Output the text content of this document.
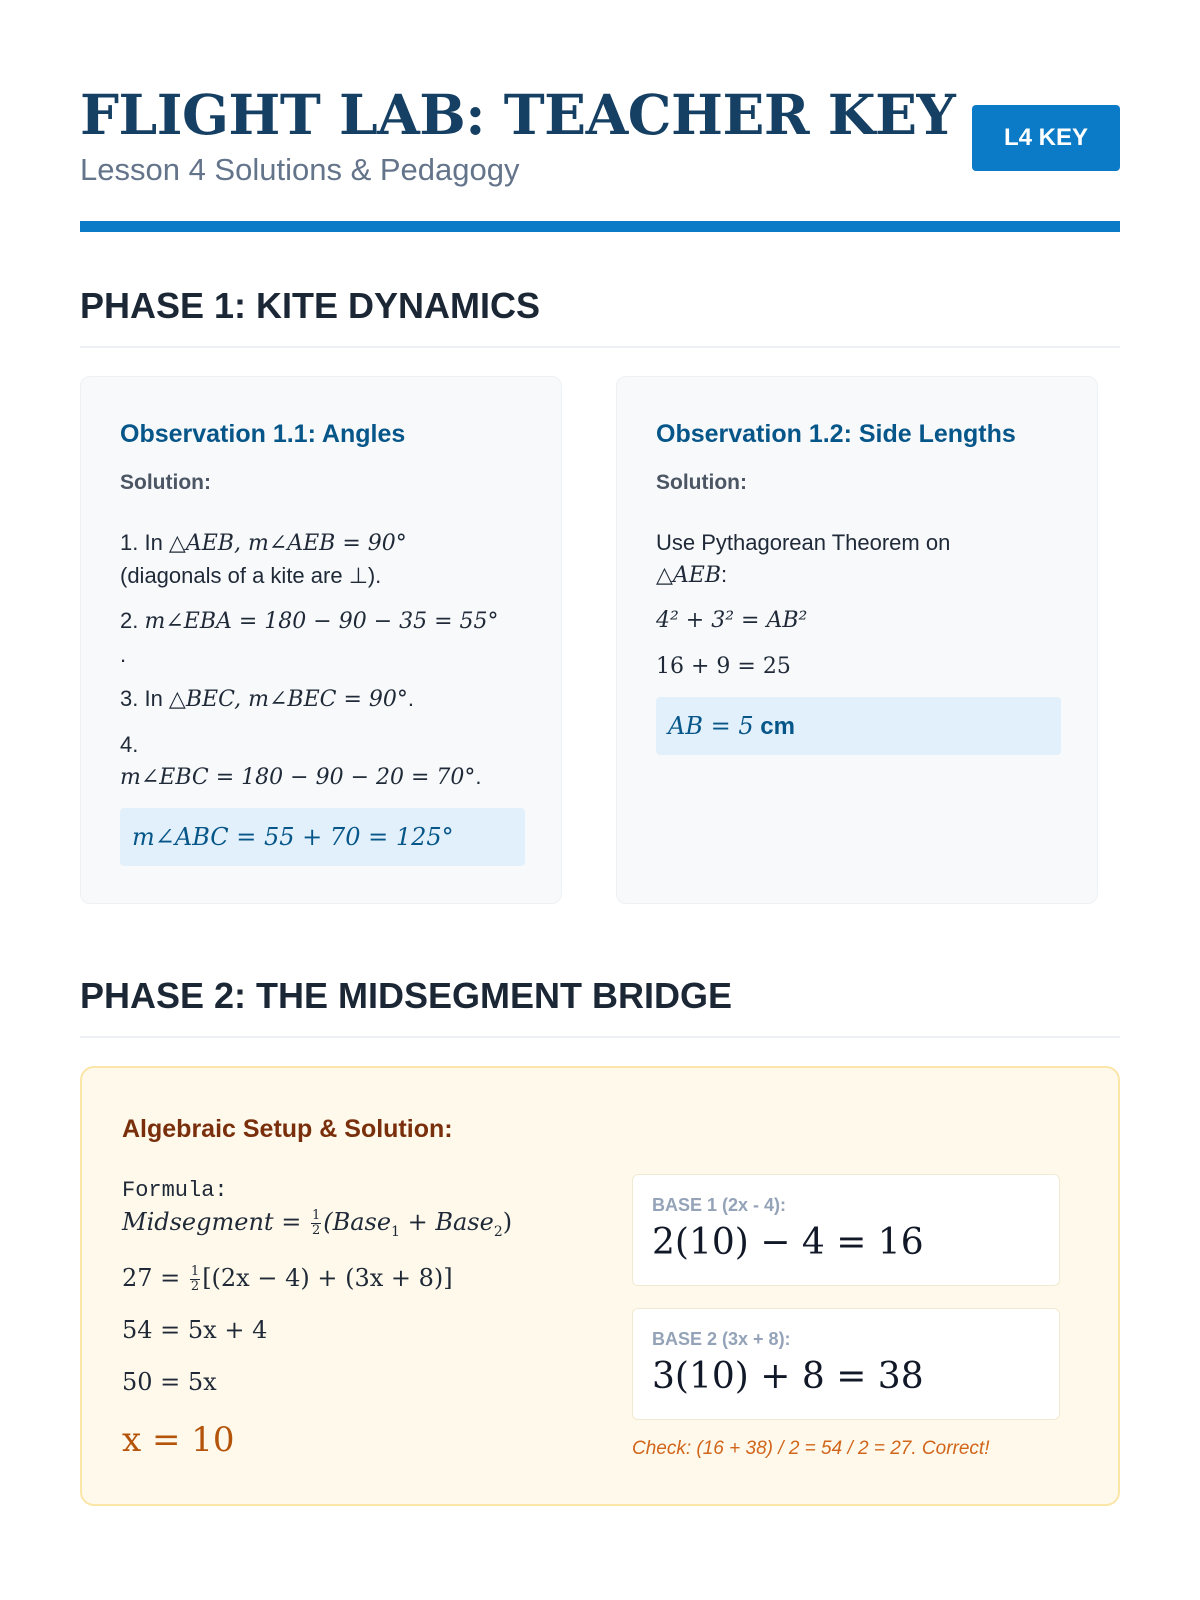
FLIGHT LAB: TEACHER KEY
Lesson 4 Solutions & Pedagogy
L4 KEY
PHASE 1: KITE DYNAMICS
Observation 1.1: Angles
Solution:
1. In △AEB, m∠AEB = 90°
(diagonals of a kite are ⊥).
2. m∠EBA = 180 − 90 − 35 = 55°
.
3. In △BEC, m∠BEC = 90°.
4.
m∠EBC = 180 − 90 − 20 = 70°.
m∠ABC = 55 + 70 = 125°
Observation 1.2: Side Lengths
Solution:
Use Pythagorean Theorem on
△AEB:
4² + 3² = AB²
16 + 9 = 25
AB = 5 cm
PHASE 2: THE MIDSEGMENT BRIDGE
Algebraic Setup & Solution:
Formula:
Midsegment = $\frac{1}{2}$ (Base$_1$ + Base$_2$)
$27 = \frac{1}{2} [(2x - 4) + (3x + 8)]$
54 = 5x + 4
50 = 5x
x = 10
BASE 1 (2x - 4):
2(10) − 4 = 16
BASE 2 (3x + 8):
3(10) + 8 = 38
Check: (16 + 38) / 2 = 54 / 2 = 27. Correct!
